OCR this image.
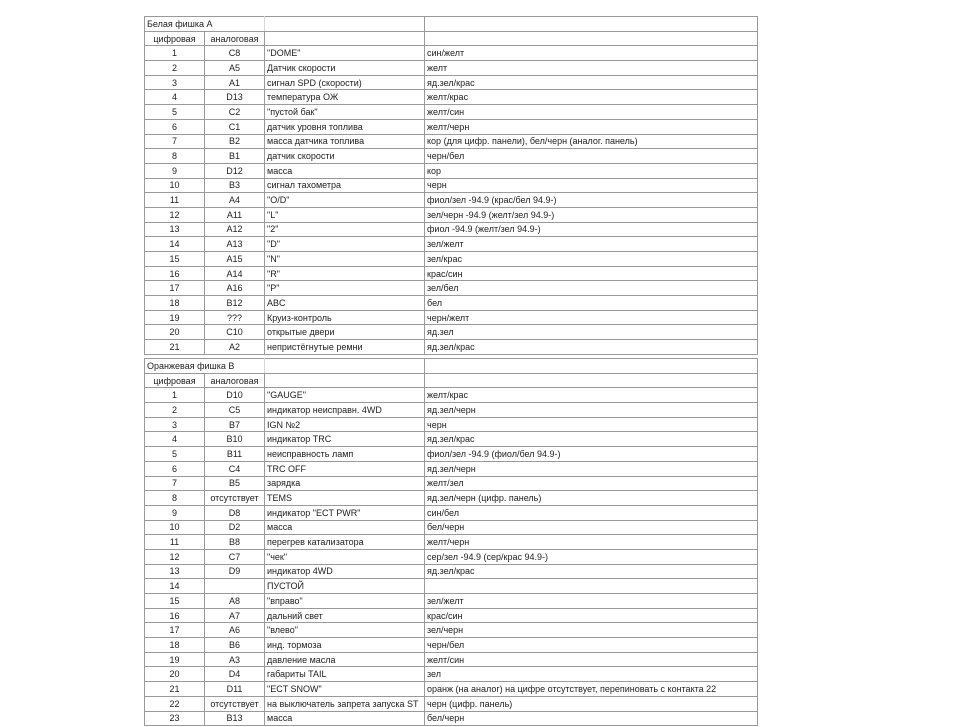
Белая фишка А			
цифровая	аналоговая		
1	C8	"DOME"	син/желт
2	A5	Датчик скорости	желт
3	A1	сигнал SPD (скорости)	яд.зел/крас
4	D13	температура ОЖ	желт/крас
5	C2	"пустой бак"	желт/син
6	C1	датчик уровня топлива	желт/черн
7	B2	масса датчика топлива	кор (для цифр. панели), бел/черн (аналог. панель)
8	B1	датчик скорости	черн/бел
9	D12	масса	кор
10	B3	сигнал тахометра	черн
11	A4	"O/D"	фиол/зел -94.9 (крас/бел 94.9-)
12	A11	"L"	зел/черн -94.9 (желт/зел 94.9-)
13	A12	"2"	фиол -94.9 (желт/зел 94.9-)
14	A13	"D"	зел/желт
15	A15	"N"	зел/крас
16	A14	"R"	крас/син
17	A16	"P"	зел/бел
18	B12	ABC	бел
19	???	Круиз-контроль	черн/желт
20	C10	открытые двери	яд.зел
21	A2	непристёгнутые ремни	яд.зел/крас
Оранжевая фишка В			
цифровая	аналоговая		
1	D10	"GAUGE"	желт/крас
2	C5	индикатор неисправн. 4WD	яд.зел/черн
3	B7	IGN №2	черн
4	B10	индикатор TRC	яд.зел/крас
5	B11	неисправность ламп	фиол/зел -94.9 (фиол/бел 94.9-)
6	C4	TRC OFF	яд.зел/черн
7	B5	зарядка	желт/зел
8	отсутствует	TEMS	яд.зел/черн (цифр. панель)
9	D8	индикатор "ECT PWR"	син/бел
10	D2	масса	бел/черн
11	B8	перегрев катализатора	желт/черн
12	C7	"чек"	сер/зел -94.9 (сер/крас 94.9-)
13	D9	индикатор 4WD	яд.зел/крас
14		ПУСТОЙ	
15	A8	"вправо"	зел/желт
16	A7	дальний свет	крас/син
17	A6	"влево"	зел/черн
18	B6	инд. тормоза	черн/бел
19	A3	давление масла	желт/син
20	D4	габариты TAIL	зел
21	D11	"ECT SNOW"	оранж (на аналог) на цифре отсутствует, перепиновать с контакта 22
22	отсутствует	на выключатель запрета запуска ST	черн (цифр. панель)
23	B13	масса	бел/черн
